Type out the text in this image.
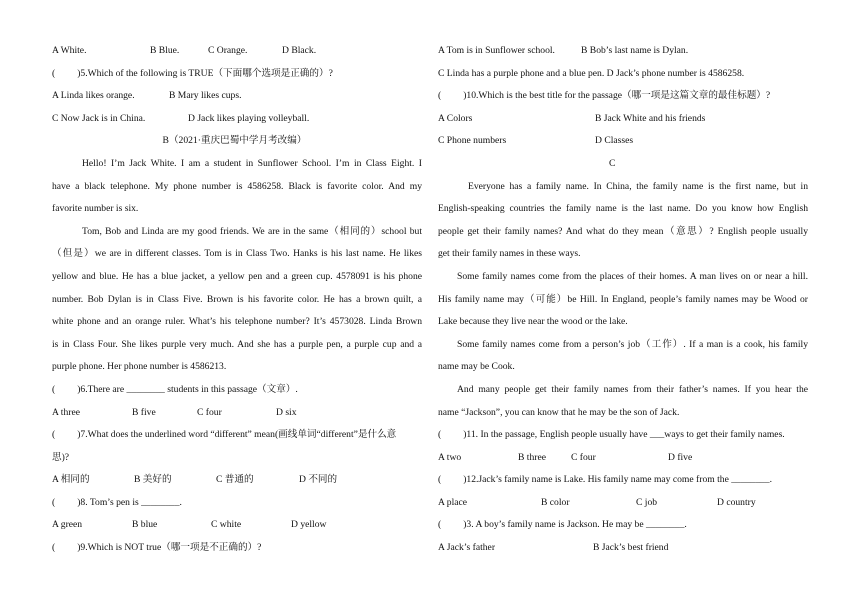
A White.	B Blue.	C Orange.	D Black.
( )5.Which of the following is TRUE（下面哪个选项是正确的）?
A Linda likes orange.	B Mary likes cups.
C Now Jack is in China.	D Jack likes playing volleyball.
B（2021·重庆巴蜀中学月考改编）
Hello! I’m Jack White. I am a student in Sunflower School. I’m in Class Eight. I
have a black telephone. My phone number is 4586258. Black is favorite color. And my
favorite number is six.
Tom, Bob and Linda are my good friends. We are in the same（相同的）school but
（但是）we are in different classes. Tom is in Class Two. Hanks is his last name. He likes
yellow and blue. He has a blue jacket, a yellow pen and a green cup. 4578091 is his phone
number. Bob Dylan is in Class Five. Brown is his favorite color. He has a brown quilt, a
white phone and an orange ruler. What’s his telephone number? It’s 4573028. Linda Brown
is in Class Four. She likes purple very much. And she has a purple pen, a purple cup and a
purple phone. Her phone number is 4586213.
( )6.There are ________ students in this passage（文章）.
A three	B five	C four	D six
( )7.What does the underlined word “different” mean(画线单词“different”是什么意
思)?
A 相同的	B 美好的	C 普通的	D 不同的
( )8. Tom’s pen is ________.
A green	B blue	C white	D yellow
( )9.Which is NOT true（哪一项是不正确的）?
A Tom is in Sunflower school.	B Bob’s last name is Dylan.
C Linda has a purple phone and a blue pen. D Jack’s phone number is 4586258.
( )10.Which is the best title for the passage（哪一项是这篇文章的最佳标题）?
A Colors	B Jack White and his friends
C Phone numbers	D Classes
C
Everyone has a family name. In China, the family name is the first name, but in
English-speaking countries the family name is the last name. Do you know how English
people get their family names? And what do they mean（意思）? English people usually
get their family names in these ways.
Some family names come from the places of their homes. A man lives on or near a hill.
His family name may（可能）be Hill. In England, people’s family names may be Wood or
Lake because they live near the wood or the lake.
Some family names come from a person’s job（工作）. If a man is a cook, his family
name may be Cook.
And many people get their family names from their father’s names. If you hear the
name “Jackson”, you can know that he may be the son of Jack.
( )11. In the passage, English people usually have ___ways to get their family names.
A two	B three	C four	D five
( )12.Jack’s family name is Lake. His family name may come from the ________.
A place	B color	C job	D country
( )3. A boy’s family name is Jackson. He may be ________.
A Jack’s father	B Jack’s best friend
